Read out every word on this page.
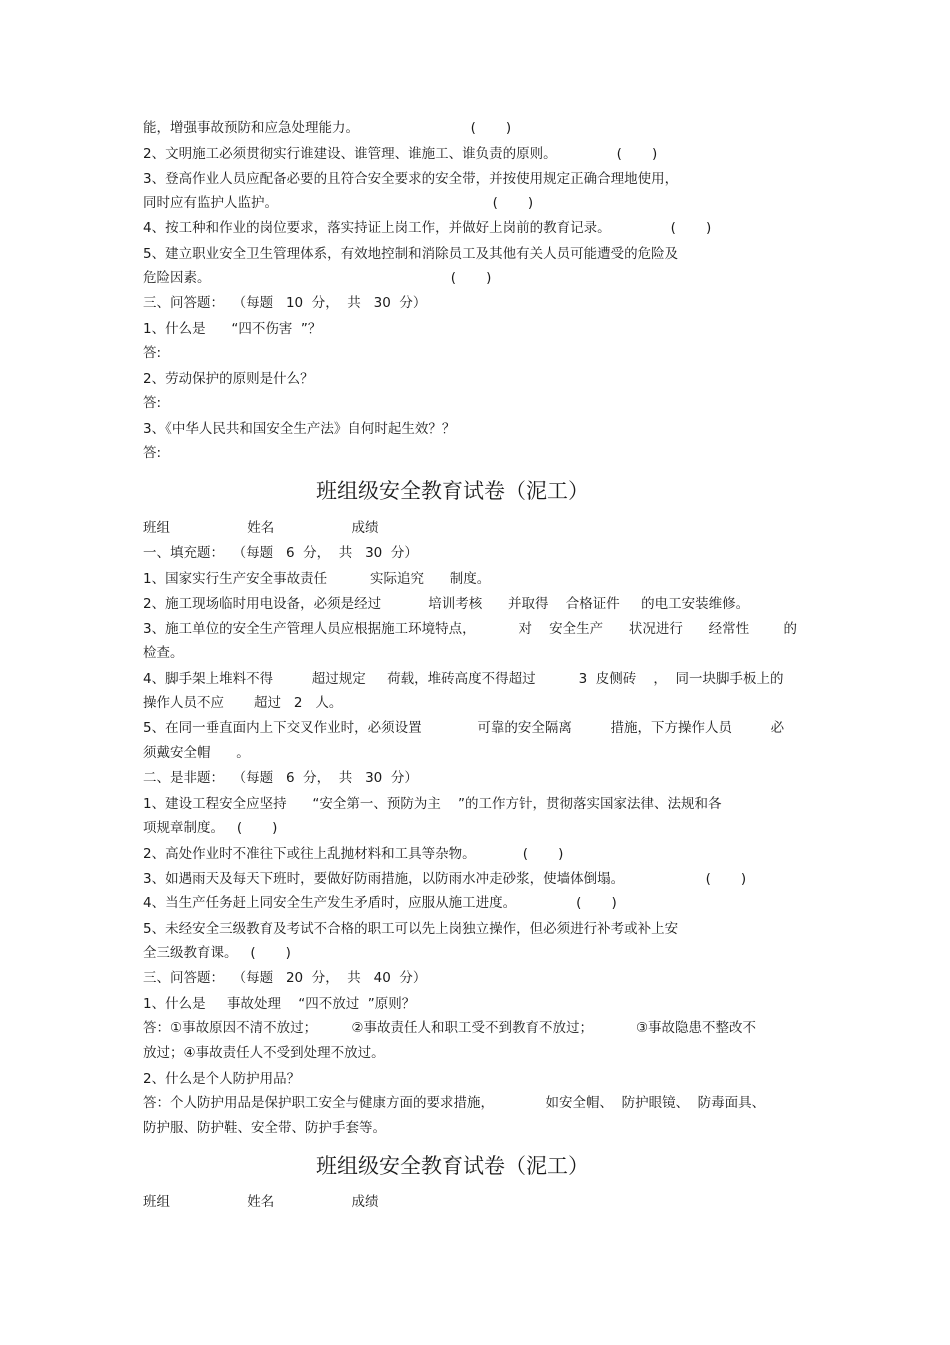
能，增强事故预防和应急处理能力。                          (       )
2、文明施工必须贯彻实行谁建设、谁管理、谁施工、谁负责的原则。              (       )
3、登高作业人员应配备必要的且符合安全要求的安全带，并按使用规定正确合理地使用，
同时应有监护人监护。                                                  (       )
4、按工种和作业的岗位要求，落实持证上岗工作，并做好上岗前的教育记录。              (       )
5、建立职业安全卫生管理体系，有效地控制和消除员工及其他有关人员可能遭受的危险及
危险因素。                                                        (       )
三、问答题：  （每题   10  分，  共   30  分）
1、什么是      “四不伤害  ”？
答:
2、劳动保护的原则是什么？
答:
3、《中华人民共和国安全生产法》自何时起生效？？
答:
班组级安全教育试卷（泥工）
班组                  姓名                  成绩
一、填充题：  （每题   6  分，  共   30  分）
1、国家实行生产安全事故责任          实际追究      制度。
2、施工现场临时用电设备，必须是经过           培训考核      并取得    合格证件     的电工安装维修。
3、施工单位的安全生产管理人员应根据施工环境特点，          对    安全生产      状况进行      经常性        的
检查。
4、脚手架上堆料不得         超过规定     荷载，堆砖高度不得超过          3  皮侧砖    ，  同一块脚手板上的
操作人员不应       超过   2   人。
5、在同一垂直面内上下交叉作业时，必须设置             可靠的安全隔离         措施，下方操作人员         必
须戴安全帽      。
二、是非题：  （每题   6  分，  共   30  分）
1、建设工程安全应坚持      “安全第一、预防为主    ”的工作方针，贯彻落实国家法律、法规和各
项规章制度。   (       )
2、高处作业时不准往下或往上乱抛材料和工具等杂物。           (       )
3、如遇雨天及每天下班时，要做好防雨措施，以防雨水冲走砂浆，使墙体倒塌。                   (       )
4、当生产任务赶上同安全生产发生矛盾时，应服从施工进度。              (       )
5、未经安全三级教育及考试不合格的职工可以先上岗独立操作，但必须进行补考或补上安
全三级教育课。   (       )
三、问答题：  （每题   20  分，  共   40  分）
1、什么是     事故处理    “四不放过  ”原则？
答：①事故原因不清不放过；        ②事故责任人和职工受不到教育不放过；          ③事故隐患不整改不
放过；④事故责任人不受到处理不放过。
2、什么是个人防护用品？
答：个人防护用品是保护职工安全与健康方面的要求措施，            如安全帽、  防护眼镜、  防毒面具、
防护服、防护鞋、安全带、防护手套等。
班组级安全教育试卷（泥工）
班组                  姓名                  成绩
